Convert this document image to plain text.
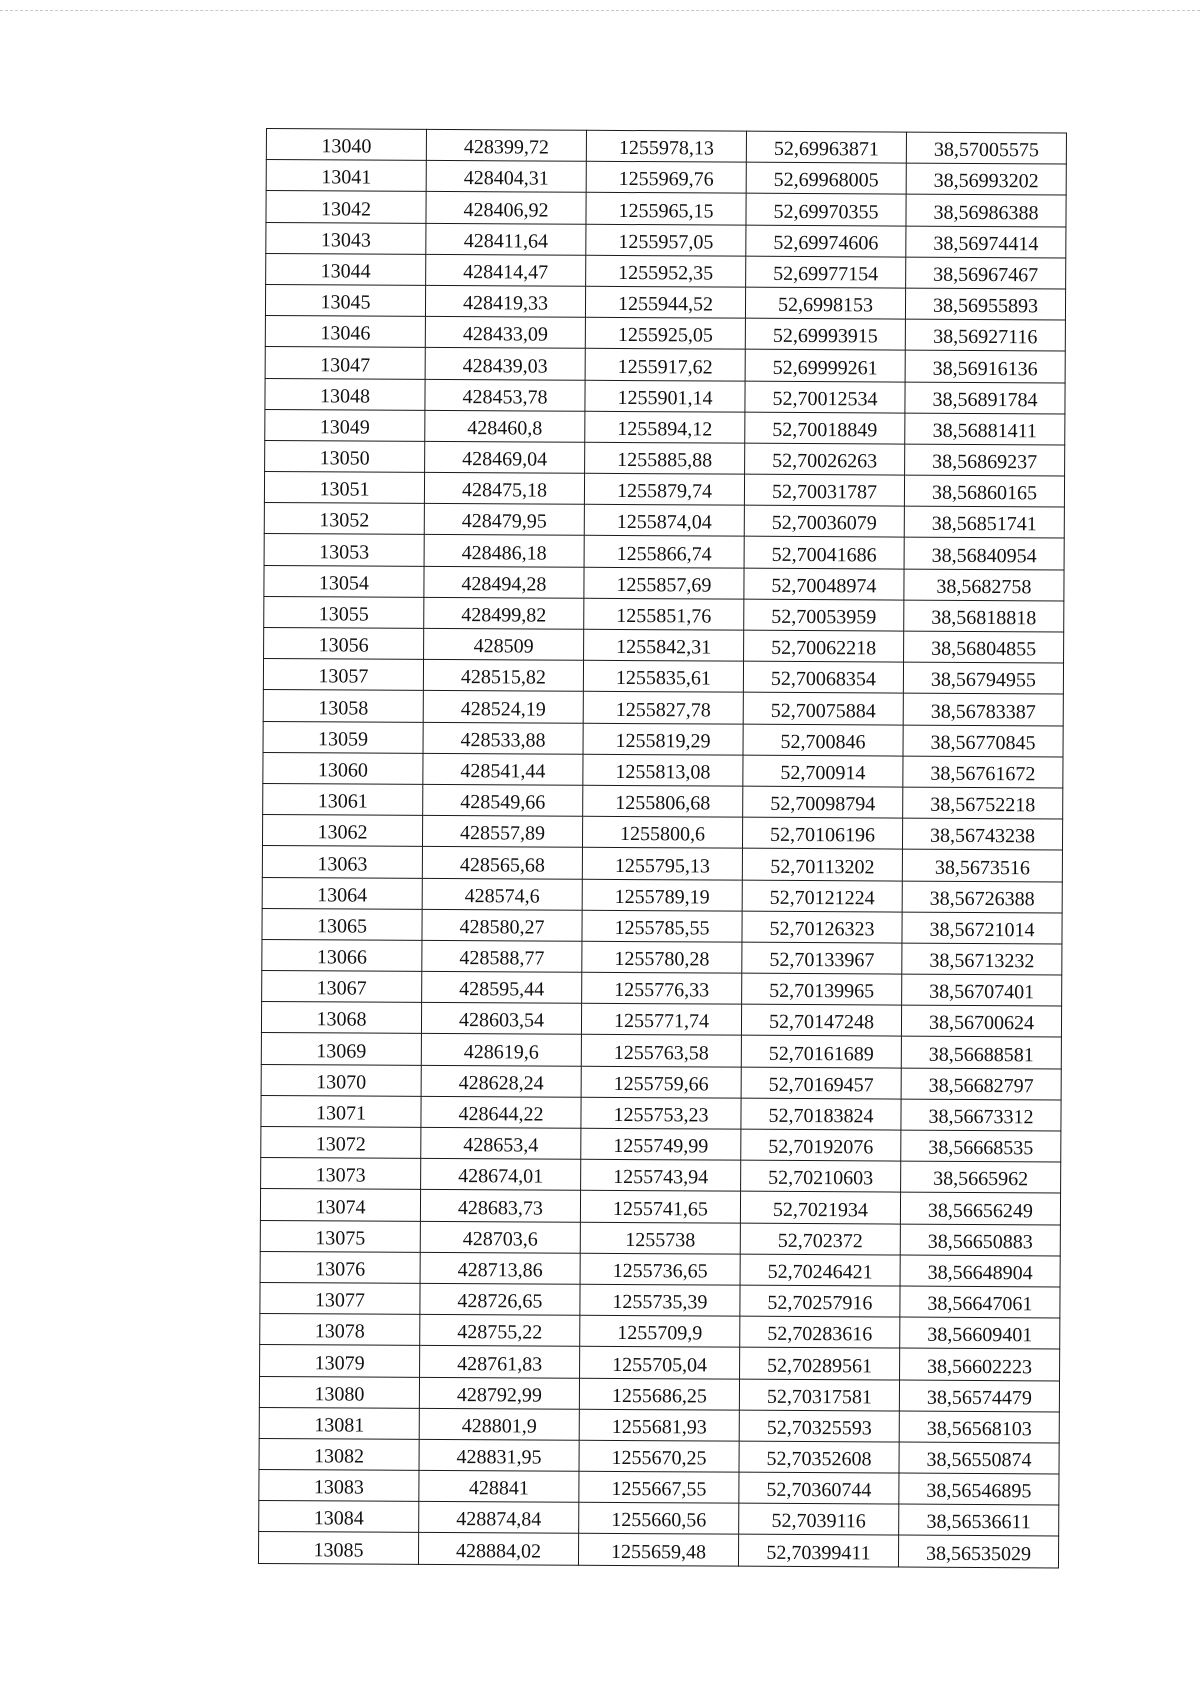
13040	428399,72	1255978,13	52,69963871	38,57005575
13041	428404,31	1255969,76	52,69968005	38,56993202
13042	428406,92	1255965,15	52,69970355	38,56986388
13043	428411,64	1255957,05	52,69974606	38,56974414
13044	428414,47	1255952,35	52,69977154	38,56967467
13045	428419,33	1255944,52	52,6998153	38,56955893
13046	428433,09	1255925,05	52,69993915	38,56927116
13047	428439,03	1255917,62	52,69999261	38,56916136
13048	428453,78	1255901,14	52,70012534	38,56891784
13049	428460,8	1255894,12	52,70018849	38,56881411
13050	428469,04	1255885,88	52,70026263	38,56869237
13051	428475,18	1255879,74	52,70031787	38,56860165
13052	428479,95	1255874,04	52,70036079	38,56851741
13053	428486,18	1255866,74	52,70041686	38,56840954
13054	428494,28	1255857,69	52,70048974	38,5682758
13055	428499,82	1255851,76	52,70053959	38,56818818
13056	428509	1255842,31	52,70062218	38,56804855
13057	428515,82	1255835,61	52,70068354	38,56794955
13058	428524,19	1255827,78	52,70075884	38,56783387
13059	428533,88	1255819,29	52,700846	38,56770845
13060	428541,44	1255813,08	52,700914	38,56761672
13061	428549,66	1255806,68	52,70098794	38,56752218
13062	428557,89	1255800,6	52,70106196	38,56743238
13063	428565,68	1255795,13	52,70113202	38,5673516
13064	428574,6	1255789,19	52,70121224	38,56726388
13065	428580,27	1255785,55	52,70126323	38,56721014
13066	428588,77	1255780,28	52,70133967	38,56713232
13067	428595,44	1255776,33	52,70139965	38,56707401
13068	428603,54	1255771,74	52,70147248	38,56700624
13069	428619,6	1255763,58	52,70161689	38,56688581
13070	428628,24	1255759,66	52,70169457	38,56682797
13071	428644,22	1255753,23	52,70183824	38,56673312
13072	428653,4	1255749,99	52,70192076	38,56668535
13073	428674,01	1255743,94	52,70210603	38,5665962
13074	428683,73	1255741,65	52,7021934	38,56656249
13075	428703,6	1255738	52,702372	38,56650883
13076	428713,86	1255736,65	52,70246421	38,56648904
13077	428726,65	1255735,39	52,70257916	38,56647061
13078	428755,22	1255709,9	52,70283616	38,56609401
13079	428761,83	1255705,04	52,70289561	38,56602223
13080	428792,99	1255686,25	52,70317581	38,56574479
13081	428801,9	1255681,93	52,70325593	38,56568103
13082	428831,95	1255670,25	52,70352608	38,56550874
13083	428841	1255667,55	52,70360744	38,56546895
13084	428874,84	1255660,56	52,7039116	38,56536611
13085	428884,02	1255659,48	52,70399411	38,56535029
